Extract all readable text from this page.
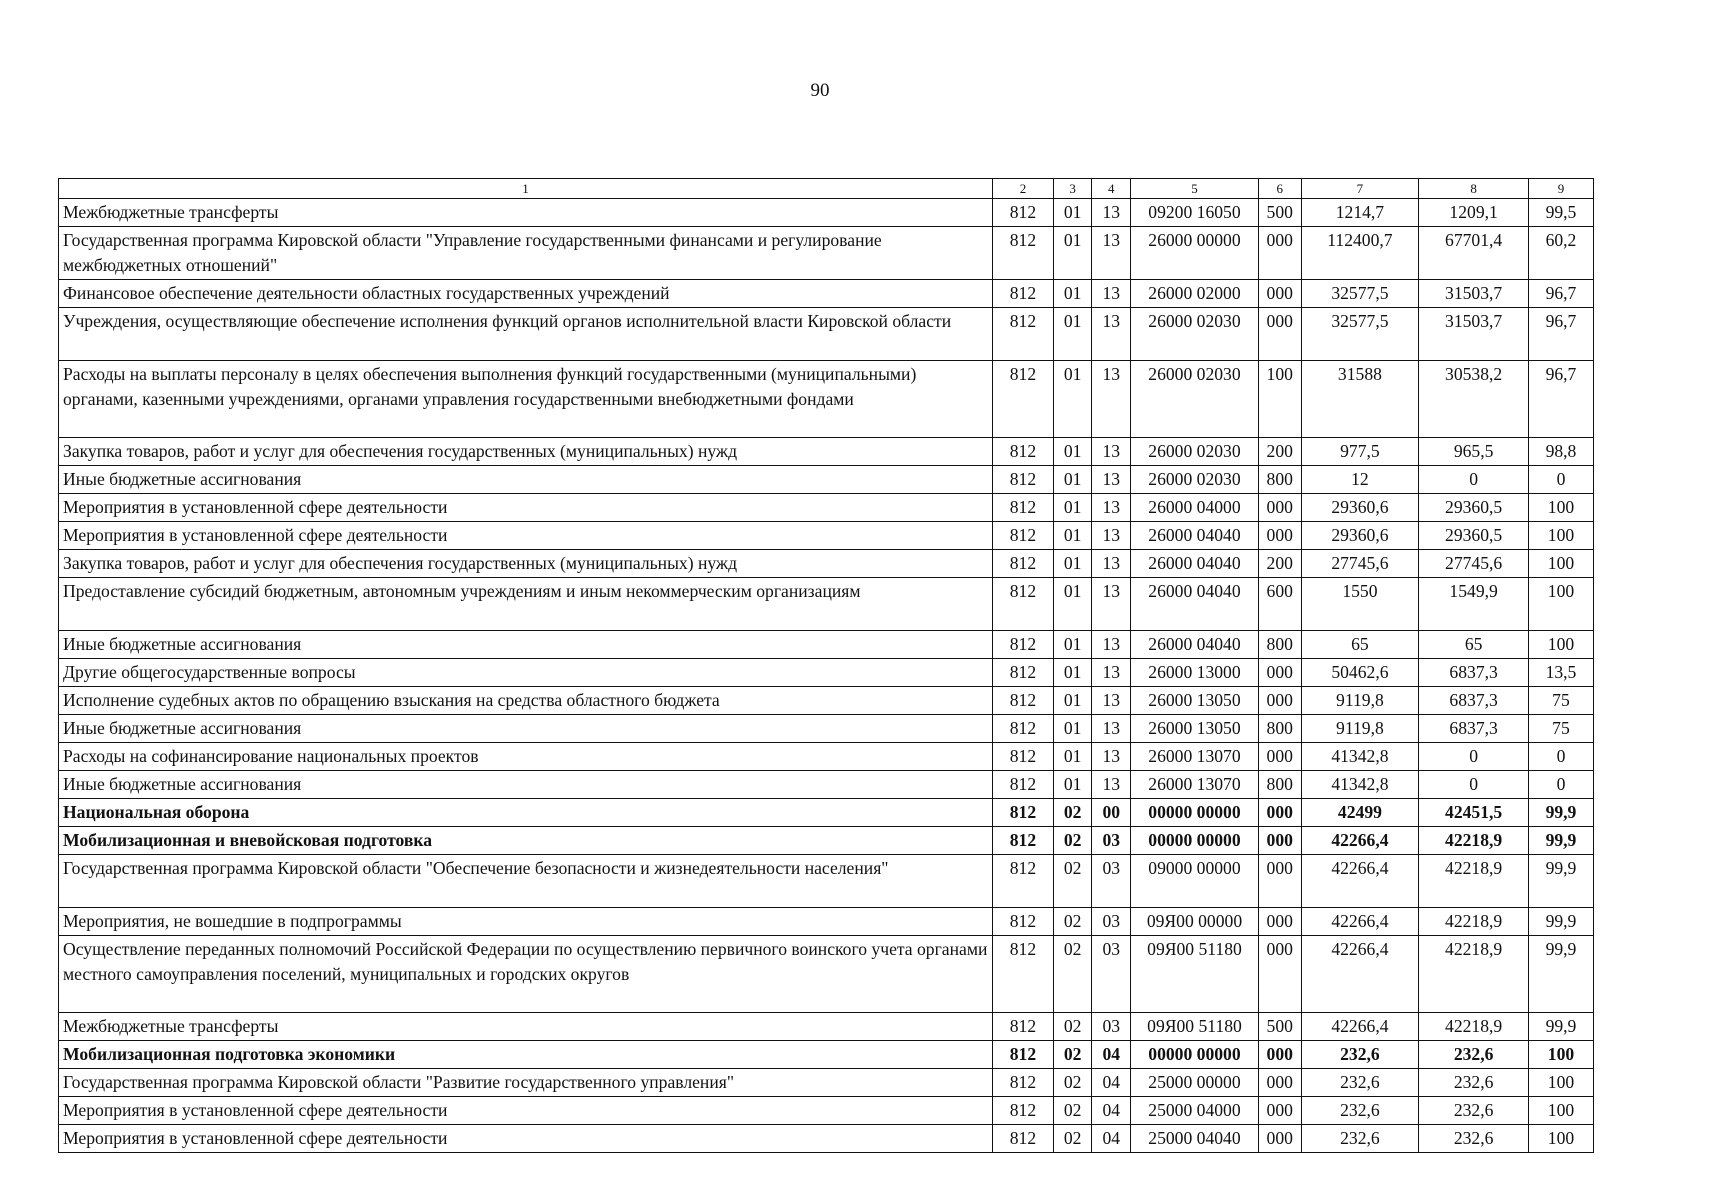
90
1	2	3	4	5	6	7	8	9
Межбюджетные трансферты	812	01	13	09200 16050	500	1214,7	1209,1	99,5
Государственная программа Кировской области "Управление государственными финансами и регулирование межбюджетных отношений"	812	01	13	26000 00000	000	112400,7	67701,4	60,2
Финансовое обеспечение деятельности областных государственных учреждений	812	01	13	26000 02000	000	32577,5	31503,7	96,7
Учреждения, осуществляющие обеспечение исполнения функций органов исполнительной власти Кировской области	812	01	13	26000 02030	000	32577,5	31503,7	96,7
Расходы на выплаты персоналу в целях обеспечения выполнения функций государственными (муниципальными) органами, казенными учреждениями, органами управления государственными внебюджетными фондами	812	01	13	26000 02030	100	31588	30538,2	96,7
Закупка товаров, работ и услуг для обеспечения государственных (муниципальных) нужд	812	01	13	26000 02030	200	977,5	965,5	98,8
Иные бюджетные ассигнования	812	01	13	26000 02030	800	12	0	0
Мероприятия в установленной сфере деятельности	812	01	13	26000 04000	000	29360,6	29360,5	100
Мероприятия в установленной сфере деятельности	812	01	13	26000 04040	000	29360,6	29360,5	100
Закупка товаров, работ и услуг для обеспечения государственных (муниципальных) нужд	812	01	13	26000 04040	200	27745,6	27745,6	100
Предоставление субсидий бюджетным, автономным учреждениям и иным некоммерческим организациям	812	01	13	26000 04040	600	1550	1549,9	100
Иные бюджетные ассигнования	812	01	13	26000 04040	800	65	65	100
Другие общегосударственные вопросы	812	01	13	26000 13000	000	50462,6	6837,3	13,5
Исполнение судебных актов по обращению взыскания на средства областного бюджета	812	01	13	26000 13050	000	9119,8	6837,3	75
Иные бюджетные ассигнования	812	01	13	26000 13050	800	9119,8	6837,3	75
Расходы на софинансирование национальных проектов	812	01	13	26000 13070	000	41342,8	0	0
Иные бюджетные ассигнования	812	01	13	26000 13070	800	41342,8	0	0
Национальная оборона	812	02	00	00000 00000	000	42499	42451,5	99,9
Мобилизационная и вневойсковая подготовка	812	02	03	00000 00000	000	42266,4	42218,9	99,9
Государственная программа Кировской области "Обеспечение безопасности и жизнедеятельности населения"	812	02	03	09000 00000	000	42266,4	42218,9	99,9
Мероприятия, не вошедшие в подпрограммы	812	02	03	09Я00 00000	000	42266,4	42218,9	99,9
Осуществление переданных полномочий Российской Федерации по осуществлению первичного воинского учета органами местного самоуправления поселений, муниципальных и городских округов	812	02	03	09Я00 51180	000	42266,4	42218,9	99,9
Межбюджетные трансферты	812	02	03	09Я00 51180	500	42266,4	42218,9	99,9
Мобилизационная подготовка экономики	812	02	04	00000 00000	000	232,6	232,6	100
Государственная программа Кировской области "Развитие государственного управления"	812	02	04	25000 00000	000	232,6	232,6	100
Мероприятия в установленной сфере деятельности	812	02	04	25000 04000	000	232,6	232,6	100
Мероприятия в установленной сфере деятельности	812	02	04	25000 04040	000	232,6	232,6	100
